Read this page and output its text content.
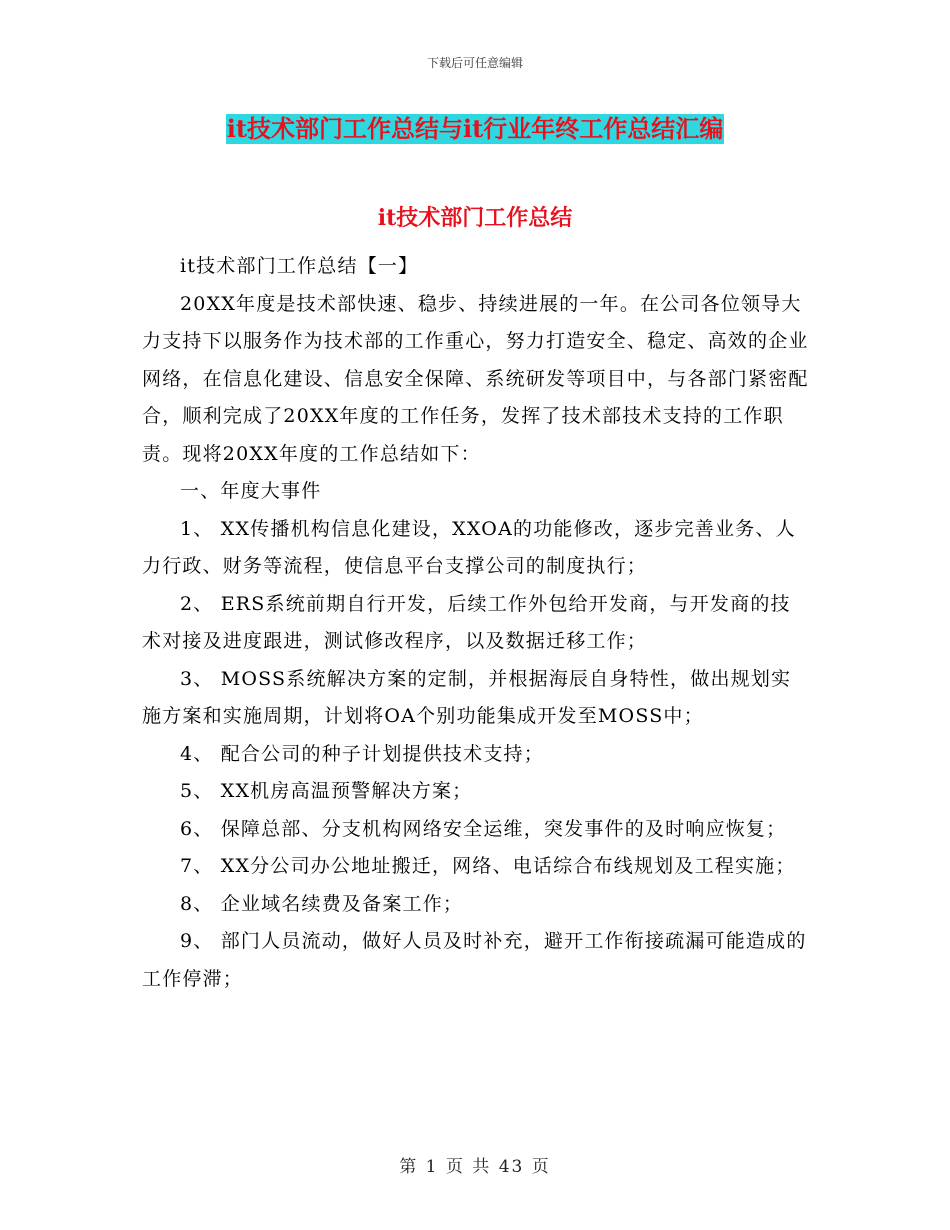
下载后可任意编辑
it技术部门工作总结与it行业年终工作总结汇编
it技术部门工作总结

it技术部门工作总结【一】

20XX年度是技术部快速、稳步、持续进展的一年。在公司各位领导大力支持下以服务作为技术部的工作重心，努力打造安全、稳定、高效的企业网络，在信息化建设、信息安全保障、系统研发等项目中，与各部门紧密配合，顺利完成了20XX年度的工作任务，发挥了技术部技术支持的工作职责。现将20XX年度的工作总结如下：

一、年度大事件

1、 XX传播机构信息化建设，XXOA的功能修改，逐步完善业务、人力行政、财务等流程，使信息平台支撑公司的制度执行；

2、 ERS系统前期自行开发，后续工作外包给开发商，与开发商的技术对接及进度跟进，测试修改程序，以及数据迁移工作；

3、 MOSS系统解决方案的定制，并根据海辰自身特性，做出规划实施方案和实施周期，计划将OA个别功能集成开发至MOSS中；

4、 配合公司的种子计划提供技术支持；

5、 XX机房高温预警解决方案；

6、 保障总部、分支机构网络安全运维，突发事件的及时响应恢复；

7、 XX分公司办公地址搬迁，网络、电话综合布线规划及工程实施；

8、 企业域名续费及备案工作；

9、 部门人员流动，做好人员及时补充，避开工作衔接疏漏可能造成的工作停滞；

第 1 页 共 43 页
